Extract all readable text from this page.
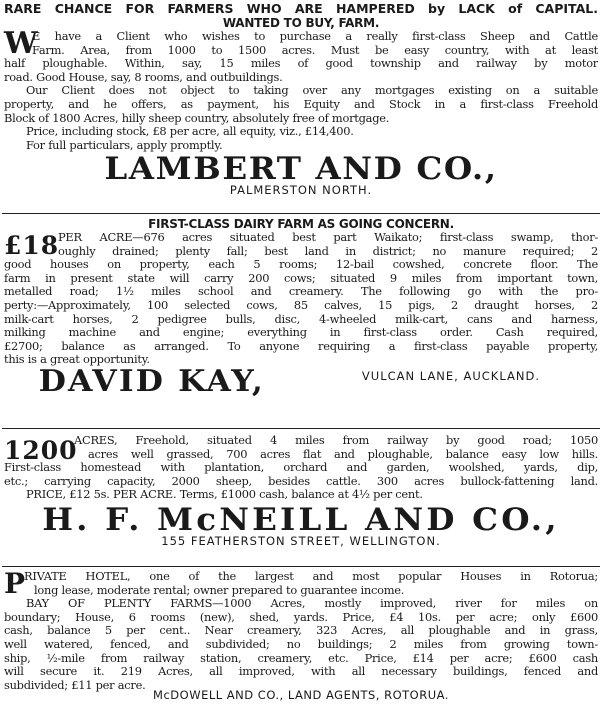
RARE CHANCE FOR FARMERS WHO ARE HAMPERED by LACK of CAPITAL.
WANTED TO BUY, FARM.
W
E have a Client who wishes to purchase a really first-class Sheep and Cattle
Farm. Area, from 1000 to 1500 acres. Must be easy country, with at least
half ploughable. Within, say, 15 miles of good township and railway by motor
road. Good House, say, 8 rooms, and outbuildings.
Our Client does not object to taking over any mortgages existing on a suitable
property, and he offers, as payment, his Equity and Stock in a first-class Freehold
Block of 1800 Acres, hilly sheep country, absolutely free of mortgage.
Price, including stock, £8 per acre, all equity, viz., £14,400.
For full particulars, apply promptly.
LAMBERT AND CO.,
PALMERSTON NORTH.
FIRST-CLASS DAIRY FARM AS GOING CONCERN.
£18
PER ACRE—676 acres situated best part Waikato; first-class swamp, thor-
oughly drained; plenty fall; best land in district; no manure required; 2
good houses on property, each 5 rooms; 12-bail cowshed, concrete floor. The
farm in present state will carry 200 cows; situated 9 miles from important town,
metalled road; 1½ miles school and creamery. The following go with the pro-
perty:—Approximately, 100 selected cows, 85 calves, 15 pigs, 2 draught horses, 2
milk-cart horses, 2 pedigree bulls, disc, 4-wheeled milk-cart, cans and harness,
milking machine and engine; everything in first-class order. Cash required,
£2700; balance as arranged. To anyone requiring a first-class payable property,
this is a great opportunity.
DAVID KAY,	VULCAN LANE, AUCKLAND.
1200
ACRES, Freehold, situated 4 miles from railway by good road; 1050
acres well grassed, 700 acres flat and ploughable, balance easy low hills.
First-class homestead with plantation, orchard and garden, woolshed, yards, dip,
etc.; carrying capacity, 2000 sheep, besides cattle. 300 acres bullock-fattening land.
PRICE, £12 5s. PER ACRE. Terms, £1000 cash, balance at 4½ per cent.
H. F. McNEILL AND CO.,
155 FEATHERSTON STREET, WELLINGTON.
P
RIVATE HOTEL, one of the largest and most popular Houses in Rotorua;
long lease, moderate rental; owner prepared to guarantee income.
BAY OF PLENTY FARMS—1000 Acres, mostly improved, river for miles on
boundary; House, 6 rooms (new), shed, yards. Price, £4 10s. per acre; only £600
cash, balance 5 per cent.. Near creamery, 323 Acres, all ploughable and in grass,
well watered, fenced, and subdivided; no buildings; 2 miles from growing town-
ship, ½-mile from railway station, creamery, etc. Price, £14 per acre; £600 cash
will secure it. 219 Acres, all improved, with all necessary buildings, fenced and
subdivided; £11 per acre.
McDOWELL AND CO., LAND AGENTS, ROTORUA.
